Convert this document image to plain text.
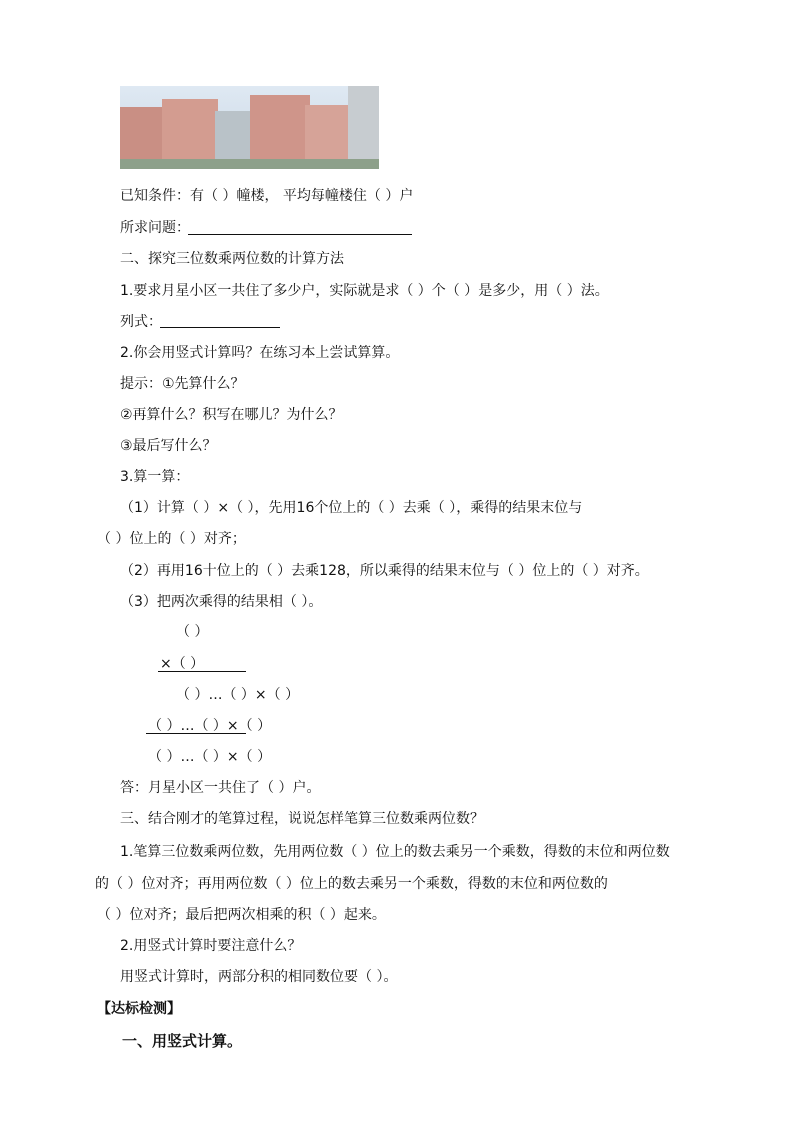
已知条件：有（ ）幢楼， 平均每幢楼住（ ）户
所求问题：
二、探究三位数乘两位数的计算方法
1.要求月星小区一共住了多少户，实际就是求（ ）个（ ）是多少，用（ ）法。
列式：
2.你会用竖式计算吗？在练习本上尝试算算。
提示：①先算什么？
②再算什么？积写在哪儿？为什么？
③最后写什么？
3.算一算：
（1）计算（ ）×（ ），先用16个位上的（ ）去乘（ ），乘得的结果末位与
（ ）位上的（ ）对齐；
（2）再用16十位上的（ ）去乘128，所以乘得的结果末位与（ ）位上的（ ）对齐。
（3）把两次乘得的结果相（ ）。
（ ）
×（ ）
（ ）…（ ）×（ ）
（ ）…（ ）×（ ）
（ ）…（ ）×（ ）
答：月星小区一共住了（ ）户。
三、结合刚才的笔算过程，说说怎样笔算三位数乘两位数？
1.笔算三位数乘两位数，先用两位数（ ）位上的数去乘另一个乘数，得数的末位和两位数
的（ ）位对齐；再用两位数（ ）位上的数去乘另一个乘数，得数的末位和两位数的
（ ）位对齐；最后把两次相乘的积（ ）起来。
2.用竖式计算时要注意什么？
用竖式计算时，两部分积的相同数位要（ ）。
【达标检测】
一、用竖式计算。
